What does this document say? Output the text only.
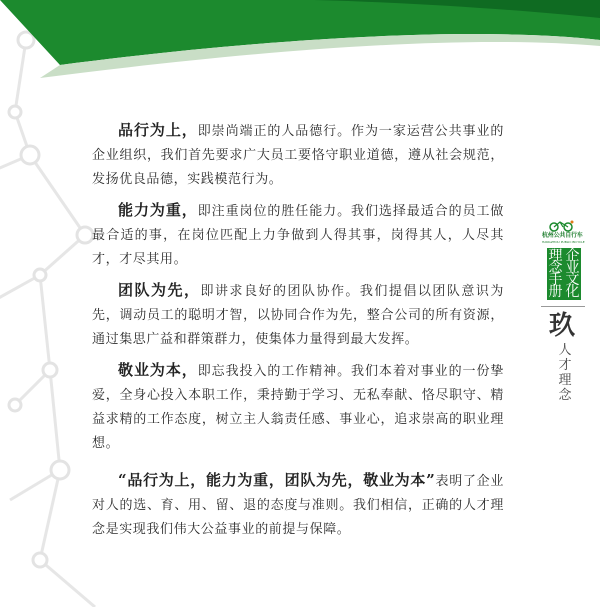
品行为上，即崇尚端正的人品德行。作为一家运营公共事业的企业组织，我们首先要求广大员工要恪守职业道德，遵从社会规范，发扬优良品德，实践模范行为。

能力为重，即注重岗位的胜任能力。我们选择最适合的员工做最合适的事，在岗位匹配上力争做到人得其事，岗得其人，人尽其才，才尽其用。

团队为先，即讲求良好的团队协作。我们提倡以团队意识为先，调动员工的聪明才智，以协同合作为先，整合公司的所有资源，通过集思广益和群策群力，使集体力量得到最大发挥。

敬业为本，即忘我投入的工作精神。我们本着对事业的一份挚爱，全身心投入本职工作，秉持勤于学习、无私奉献、恪尽职守、精益求精的工作态度，树立主人翁责任感、事业心，追求崇高的职业理想。

“品行为上，能力为重，团队为先，敬业为本”表明了企业对人的选、育、用、留、退的态度与准则。我们相信，正确的人才理念是实现我们伟大公益事业的前提与保障。

杭州公共自行车
HANGZHOU PUBLIC BICYCLE
理
念
手
册
企
业
文
化
玖
人
才
理
念
